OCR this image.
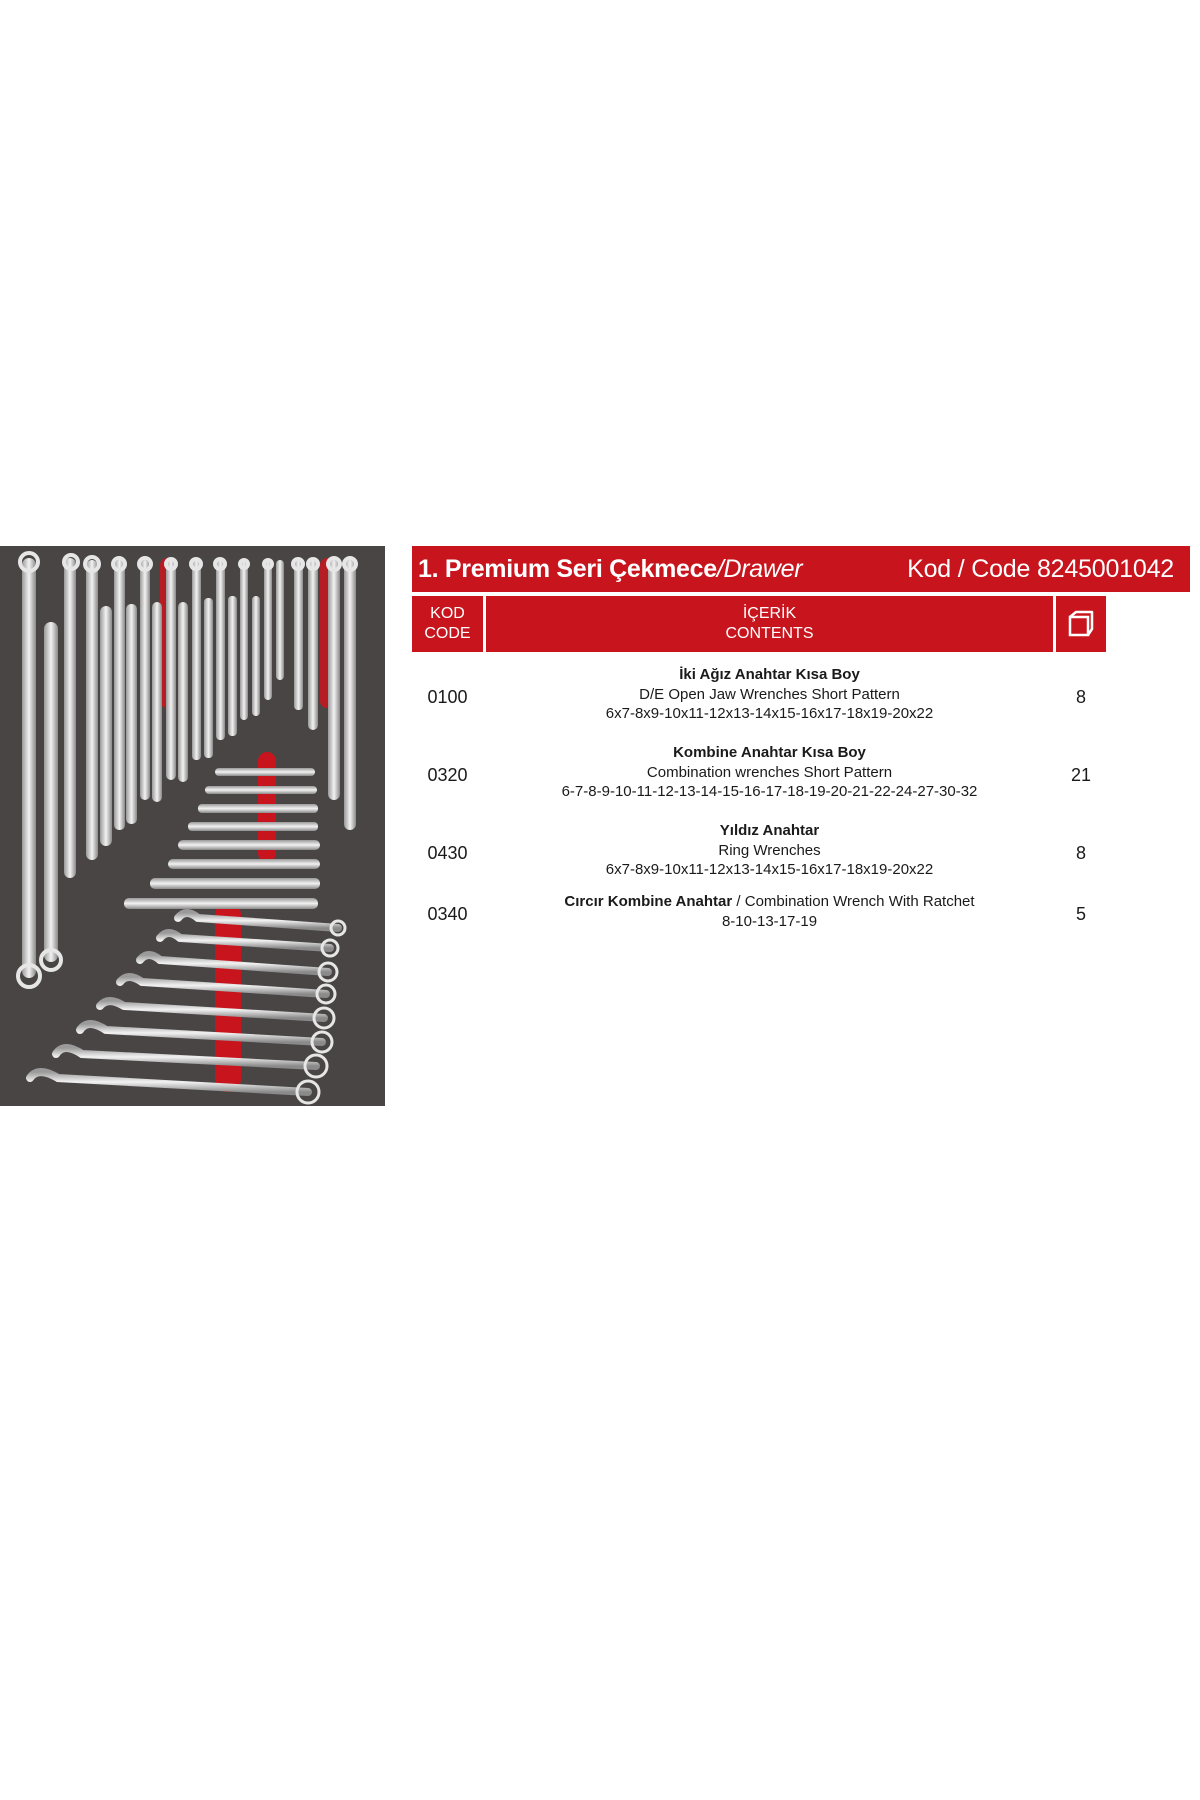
1. Premium Seri Çekmece/Drawer	Kod / Code 8245001042
KOD
CODE
İÇERİK
CONTENTS
0100
İki Ağız Anahtar Kısa Boy
D/E Open Jaw Wrenches Short Pattern
6x7-8x9-10x11-12x13-14x15-16x17-18x19-20x22
8
0320
Kombine Anahtar Kısa Boy
Combination wrenches Short Pattern
6-7-8-9-10-11-12-13-14-15-16-17-18-19-20-21-22-24-27-30-32
21
0430
Yıldız Anahtar
Ring Wrenches
6x7-8x9-10x11-12x13-14x15-16x17-18x19-20x22
8
0340
Cırcır Kombine Anahtar / Combination Wrench With Ratchet
8-10-13-17-19	5
